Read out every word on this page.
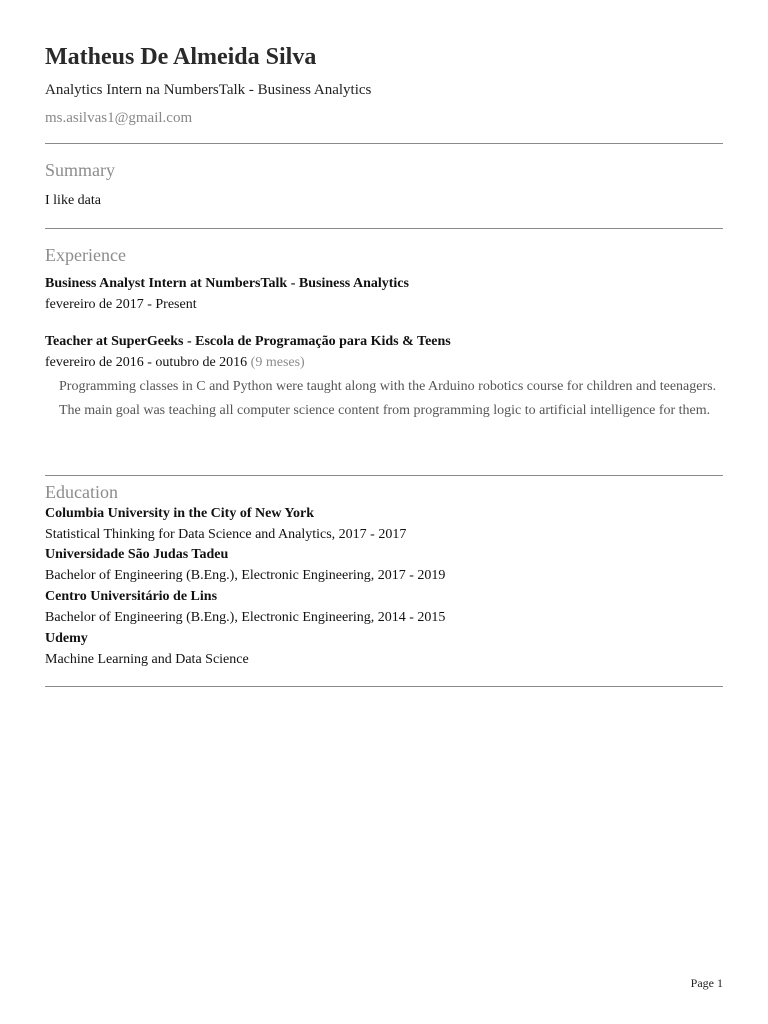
Matheus De Almeida Silva
Analytics Intern na NumbersTalk - Business Analytics
ms.asilvas1@gmail.com
Summary
I like data
Experience
Business Analyst Intern at NumbersTalk - Business Analytics
fevereiro de 2017 - Present
Teacher at SuperGeeks - Escola de Programação para Kids & Teens
fevereiro de 2016 - outubro de 2016 (9 meses)
Programming classes in C and Python were taught along with the Arduino robotics course for children and teenagers. The main goal was teaching all computer science content from programming logic to artificial intelligence for them.
Education
Columbia University in the City of New York
Statistical Thinking for Data Science and Analytics, 2017 - 2017
Universidade São Judas Tadeu
Bachelor of Engineering (B.Eng.), Electronic Engineering, 2017 - 2019
Centro Universitário de Lins
Bachelor of Engineering (B.Eng.), Electronic Engineering, 2014 - 2015
Udemy
Machine Learning and Data Science
Page 1
